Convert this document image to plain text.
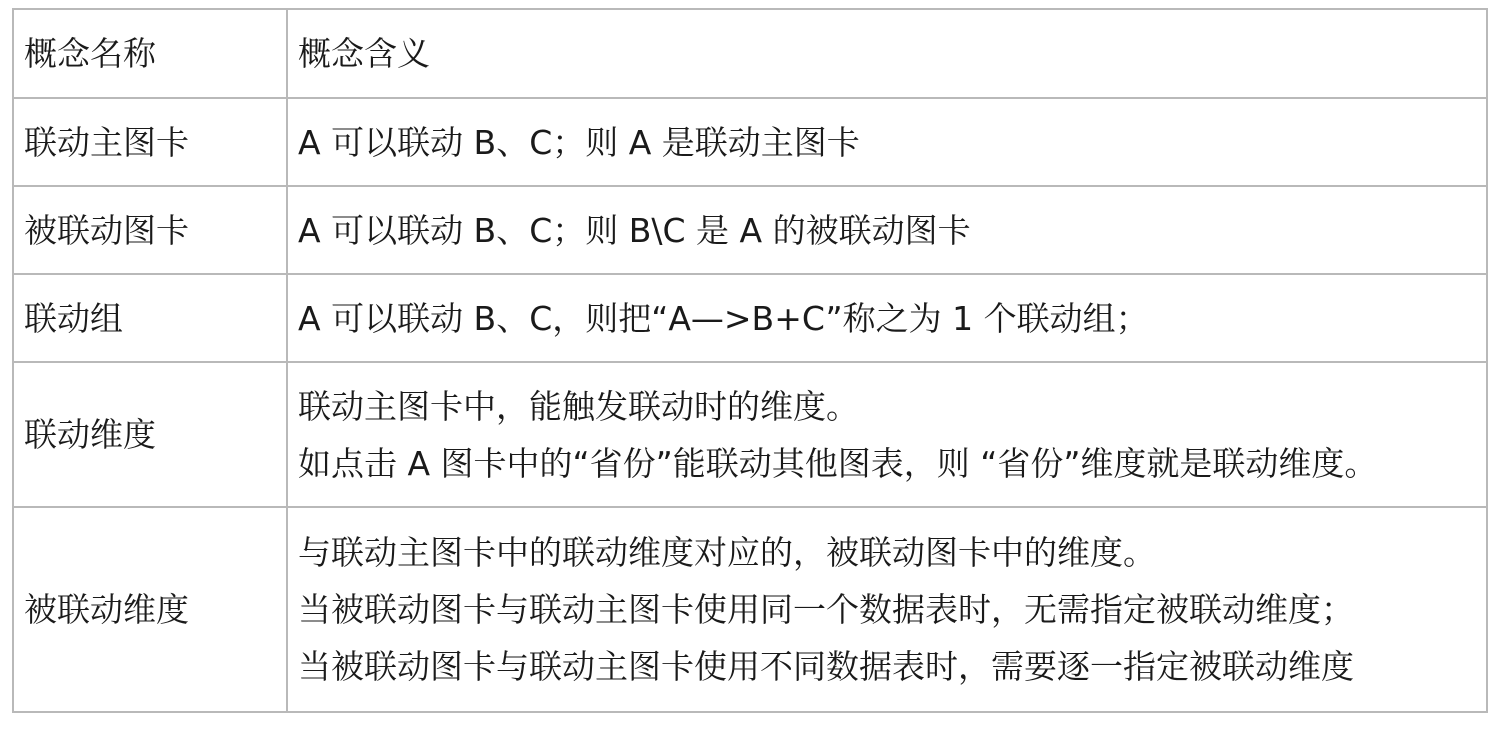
概念名称	概念含义
联动主图卡	A 可以联动 B、C；则 A 是联动主图卡

被联动图卡	A 可以联动 B、C；则 B\C 是 A 的被联动图卡

联动组	A 可以联动 B、C，则把“A—>B+C”称之为 1 个联动组；

联动维度	联动主图卡中，能触发联动时的维度。
如点击 A 图卡中的“省份”能联动其他图表，则 “省份”维度就是联动维度。

被联动维度	与联动主图卡中的联动维度对应的，被联动图卡中的维度。
当被联动图卡与联动主图卡使用同一个数据表时，无需指定被联动维度；
当被联动图卡与联动主图卡使用不同数据表时，需要逐一指定被联动维度
